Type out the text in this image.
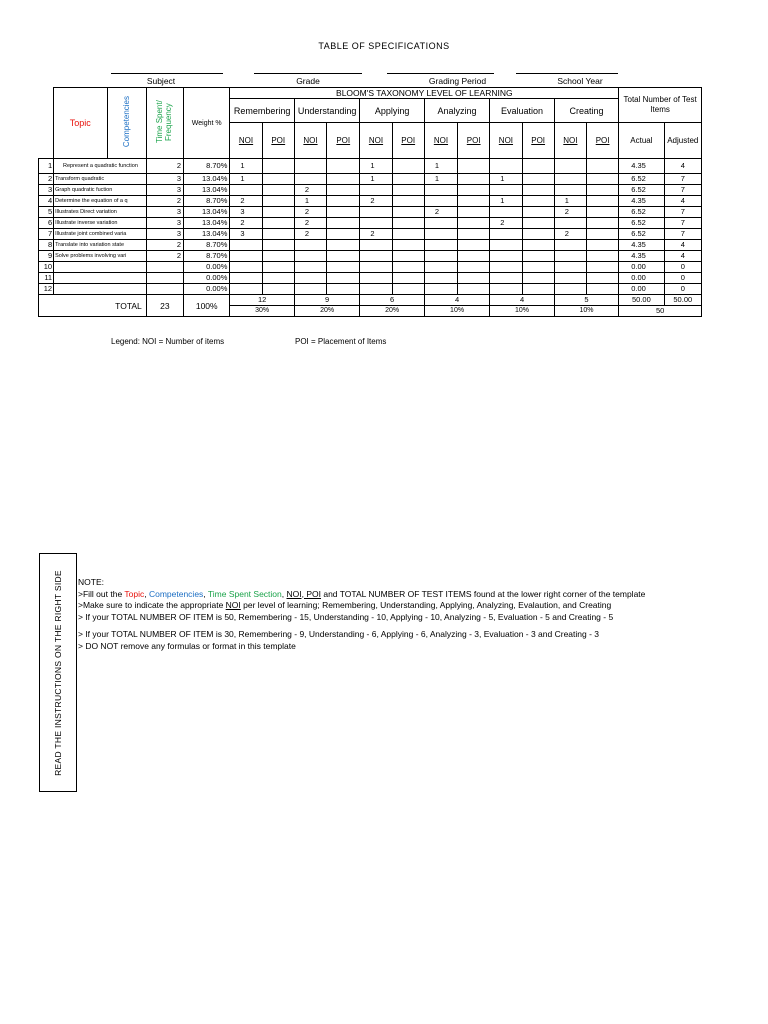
TABLE OF SPECIFICATIONS
Subject	Grade	Grading Period	School Year
	Topic	Competencies	Time Spent/ Frequency	Weight %	BLOOM'S TAXONOMY LEVEL OF LEARNING												Total Number of Test Items	
					Remembering		Understanding		Applying		Analyzing		Evaluation		Creating			
					NOI	POI	NOI	POI	NOI	POI	NOI	POI	NOI	POI	NOI	POI	Actual	Adjusted
1	Represent a quadratic function		2	8.70%	1				1		1						4.35	4
2	Transform quadratic		3	13.04%	1				1		1		1				6.52	7
3	Graph quadratic fuction		3	13.04%			2										6.52	7
4	Determine the equation of a q		2	8.70%	2		1		2				1		1		4.35	4
5	Illustrates Direct variation		3	13.04%	3		2				2				2		6.52	7
6	Illustrate inverse variation		3	13.04%	2		2						2				6.52	7
7	Illustrate joint combined varia		3	13.04%	3		2		2						2		6.52	7
8	Translate into variation state		2	8.70%													4.35	4
9	Solve problems involving vari		2	8.70%													4.35	4
10				0.00%													0.00	0
11				0.00%													0.00	0
12				0.00%													0.00	0
	TOTAL		23	100%	12		9		6		4		4		5		50.00	50.00
					30%		20%		20%		10%		10%		10%		50	
Legend: NOI = Number of items	POI = Placement of Items
READ THE INSTRUCTIONS ON THE RIGHT SIDE NOTE:
>Fill out the Topic, Competencies, Time Spent Section, NOI, POI and TOTAL NUMBER OF TEST ITEMS found at the lower right corner of the template
>Make sure to indicate the appropriate NOI per level of learning; Remembering, Understanding, Applying, Analyzing, Evalaution, and Creating
> If your TOTAL NUMBER OF ITEM is 50, Remembering - 15, Understanding - 10, Applying - 10, Analyzing - 5, Evaluation - 5 and Creating - 5
> If your TOTAL NUMBER OF ITEM is 30, Remembering - 9, Understanding - 6, Applying - 6, Analyzing - 3, Evaluation - 3 and Creating - 3
> DO NOT remove any formulas or format in this template
